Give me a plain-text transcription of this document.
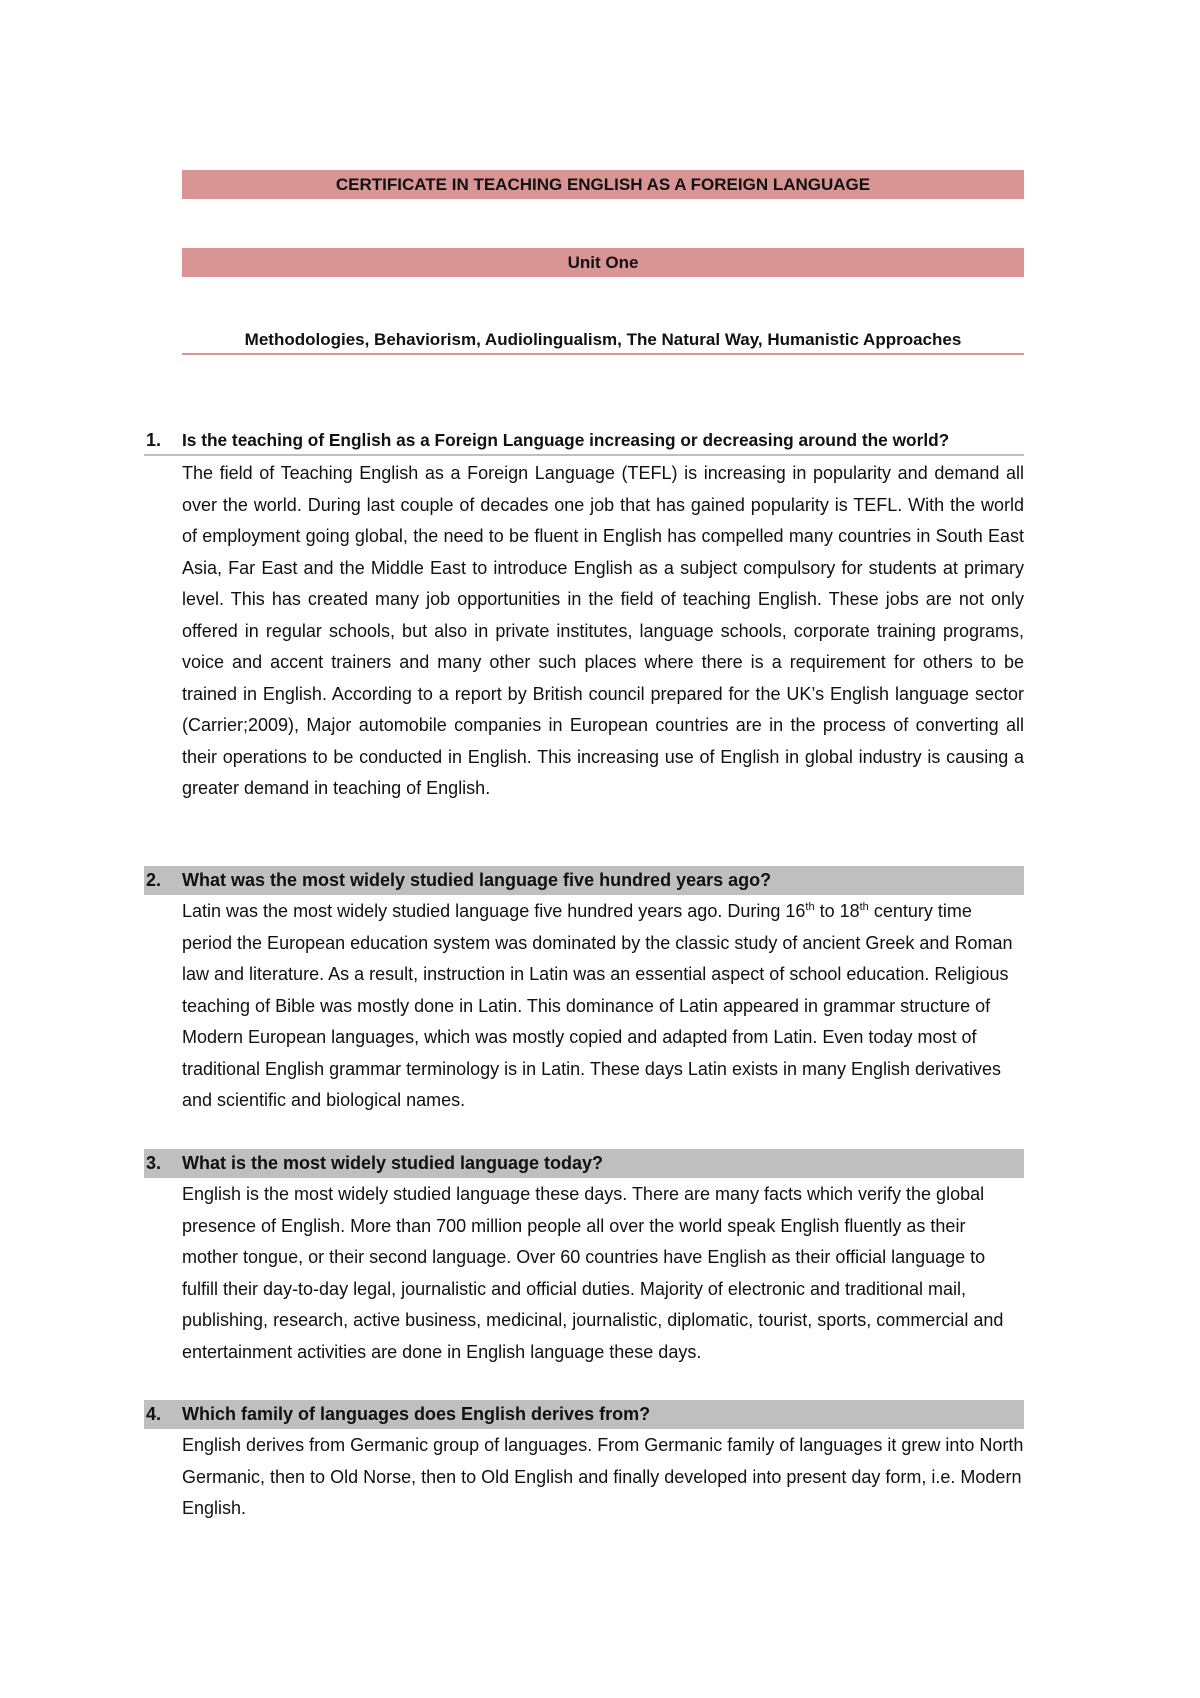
CERTIFICATE IN TEACHING ENGLISH AS A FOREIGN LANGUAGE
Unit One
Methodologies, Behaviorism, Audiolingualism, The Natural Way, Humanistic Approaches
1.	Is the teaching of English as a Foreign Language increasing or decreasing around the world?
The field of Teaching English as a Foreign Language (TEFL) is increasing in popularity and demand all over the world. During last couple of decades one job that has gained popularity is TEFL. With the world of employment going global, the need to be fluent in English has compelled many countries in South East Asia, Far East and the Middle East to introduce English as a subject compulsory for students at primary level. This has created many job opportunities in the field of teaching English. These jobs are not only offered in regular schools, but also in private institutes, language schools, corporate training programs, voice and accent trainers and many other such places where there is a requirement for others to be trained in English. According to a report by British council prepared for the UK’s English language sector (Carrier;2009), Major automobile companies in European countries are in the process of converting all their operations to be conducted in English. This increasing use of English in global industry is causing a greater demand in teaching of English.
2.	What was the most widely studied language five hundred years ago?
Latin was the most widely studied language five hundred years ago. During 16th to 18th century time period the European education system was dominated by the classic study of ancient Greek and Roman law and literature. As a result, instruction in Latin was an essential aspect of school education. Religious teaching of Bible was mostly done in Latin. This dominance of Latin appeared in grammar structure of Modern European languages, which was mostly copied and adapted from Latin. Even today most of traditional English grammar terminology is in Latin. These days Latin exists in many English derivatives and scientific and biological names.
3.	What is the most widely studied language today?
English is the most widely studied language these days. There are many facts which verify the global presence of English. More than 700 million people all over the world speak English fluently as their mother tongue, or their second language. Over 60 countries have English as their official language to fulfill their day-to-day legal, journalistic and official duties. Majority of electronic and traditional mail, publishing, research, active business, medicinal, journalistic, diplomatic, tourist, sports, commercial and entertainment activities are done in English language these days.
4.	Which family of languages does English derives from?
English derives from Germanic group of languages. From Germanic family of languages it grew into North Germanic, then to Old Norse, then to Old English and finally developed into present day form, i.e. Modern English.
